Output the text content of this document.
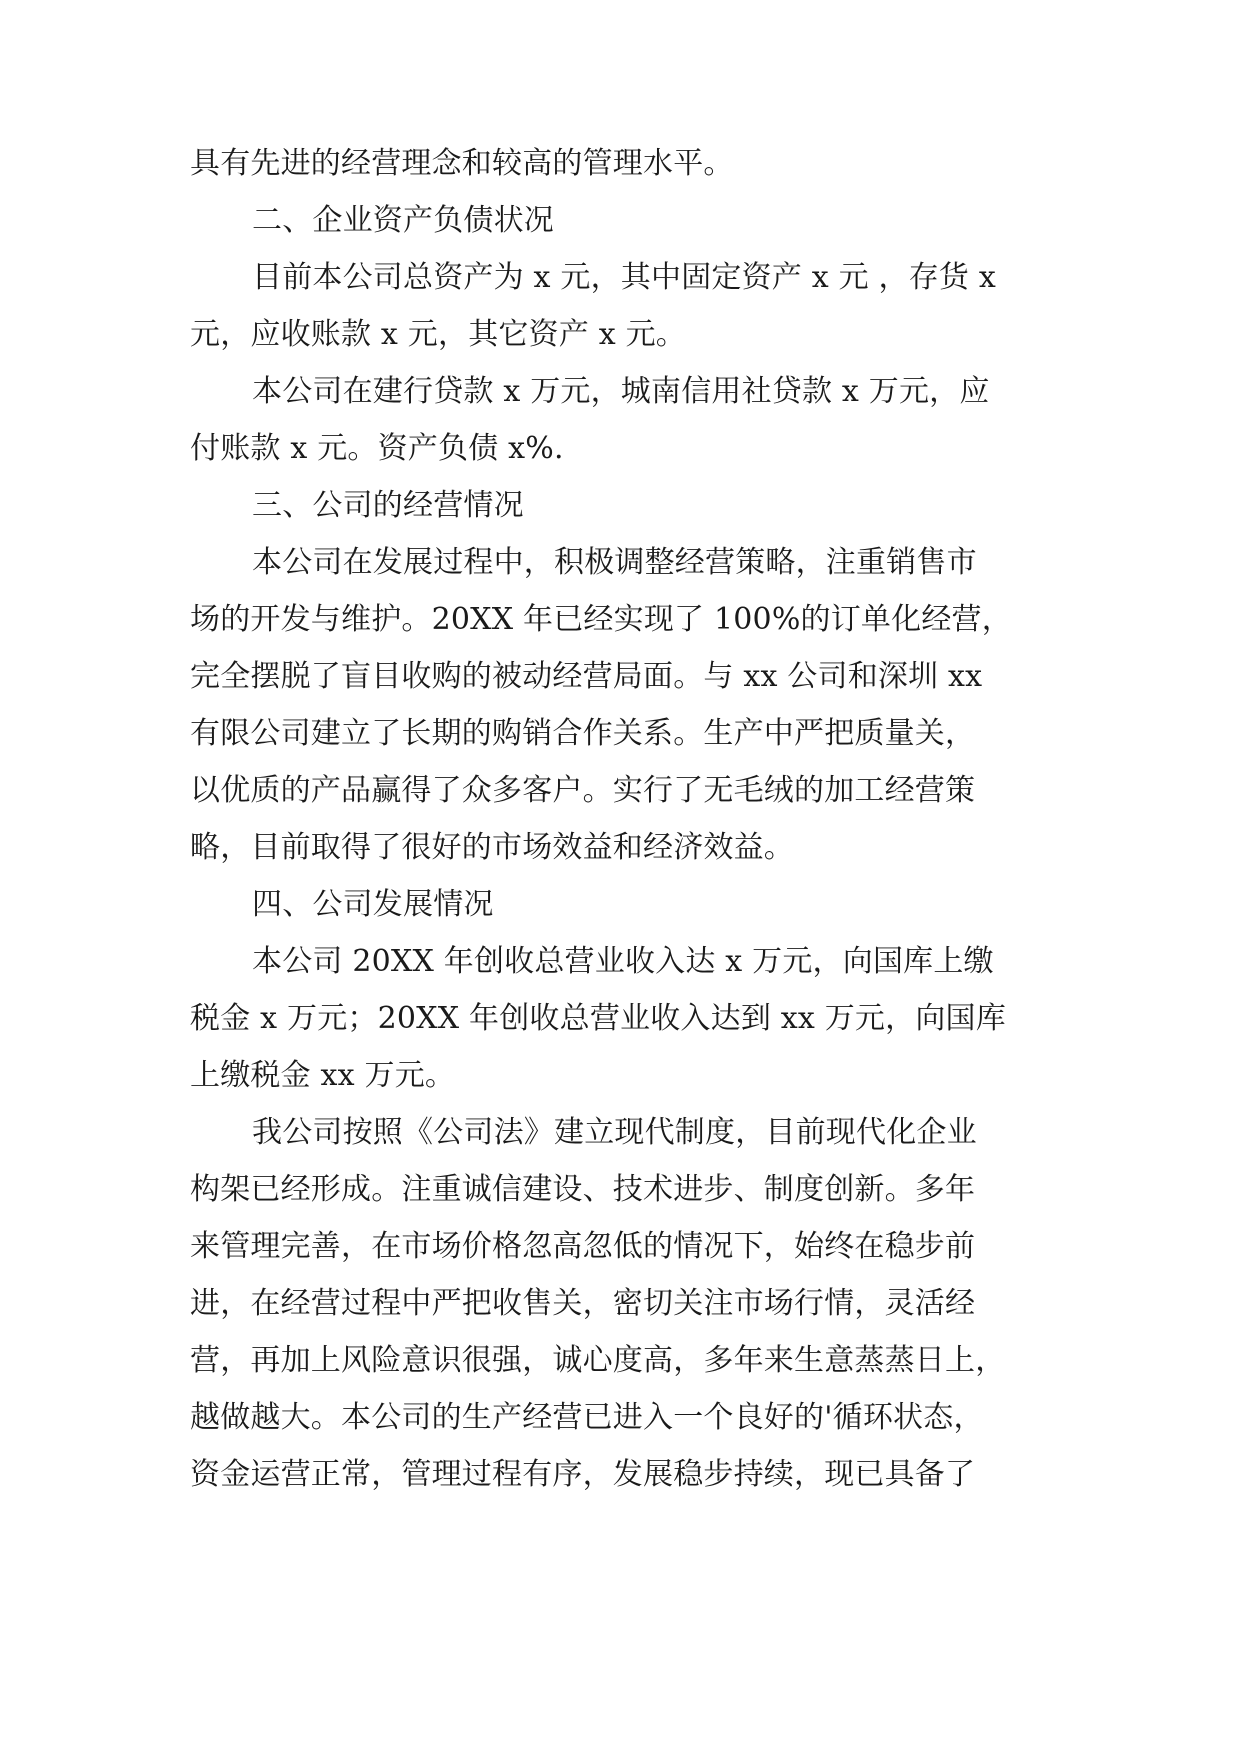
具有先进的经营理念和较高的管理水平。
二、企业资产负债状况
目前本公司总资产为 x 元，其中固定资产 x 元 ，存货 x
元，应收账款 x 元，其它资产 x 元。
本公司在建行贷款 x 万元，城南信用社贷款 x 万元，应
付账款 x 元。资产负债 x%.
三、公司的经营情况
本公司在发展过程中，积极调整经营策略，注重销售市
场的开发与维护。20XX 年已经实现了 100%的订单化经营，
完全摆脱了盲目收购的被动经营局面。与 xx 公司和深圳 xx
有限公司建立了长期的购销合作关系。生产中严把质量关，
以优质的产品赢得了众多客户。实行了无毛绒的加工经营策
略，目前取得了很好的市场效益和经济效益。
四、公司发展情况
本公司 20XX 年创收总营业收入达 x 万元，向国库上缴
税金 x 万元；20XX 年创收总营业收入达到 xx 万元，向国库
上缴税金 xx 万元。
我公司按照《公司法》建立现代制度，目前现代化企业
构架已经形成。注重诚信建设、技术进步、制度创新。多年
来管理完善，在市场价格忽高忽低的情况下，始终在稳步前
进，在经营过程中严把收售关，密切关注市场行情，灵活经
营，再加上风险意识很强，诚心度高，多年来生意蒸蒸日上，
越做越大。本公司的生产经营已进入一个良好的'循环状态，
资金运营正常，管理过程有序，发展稳步持续，现已具备了
